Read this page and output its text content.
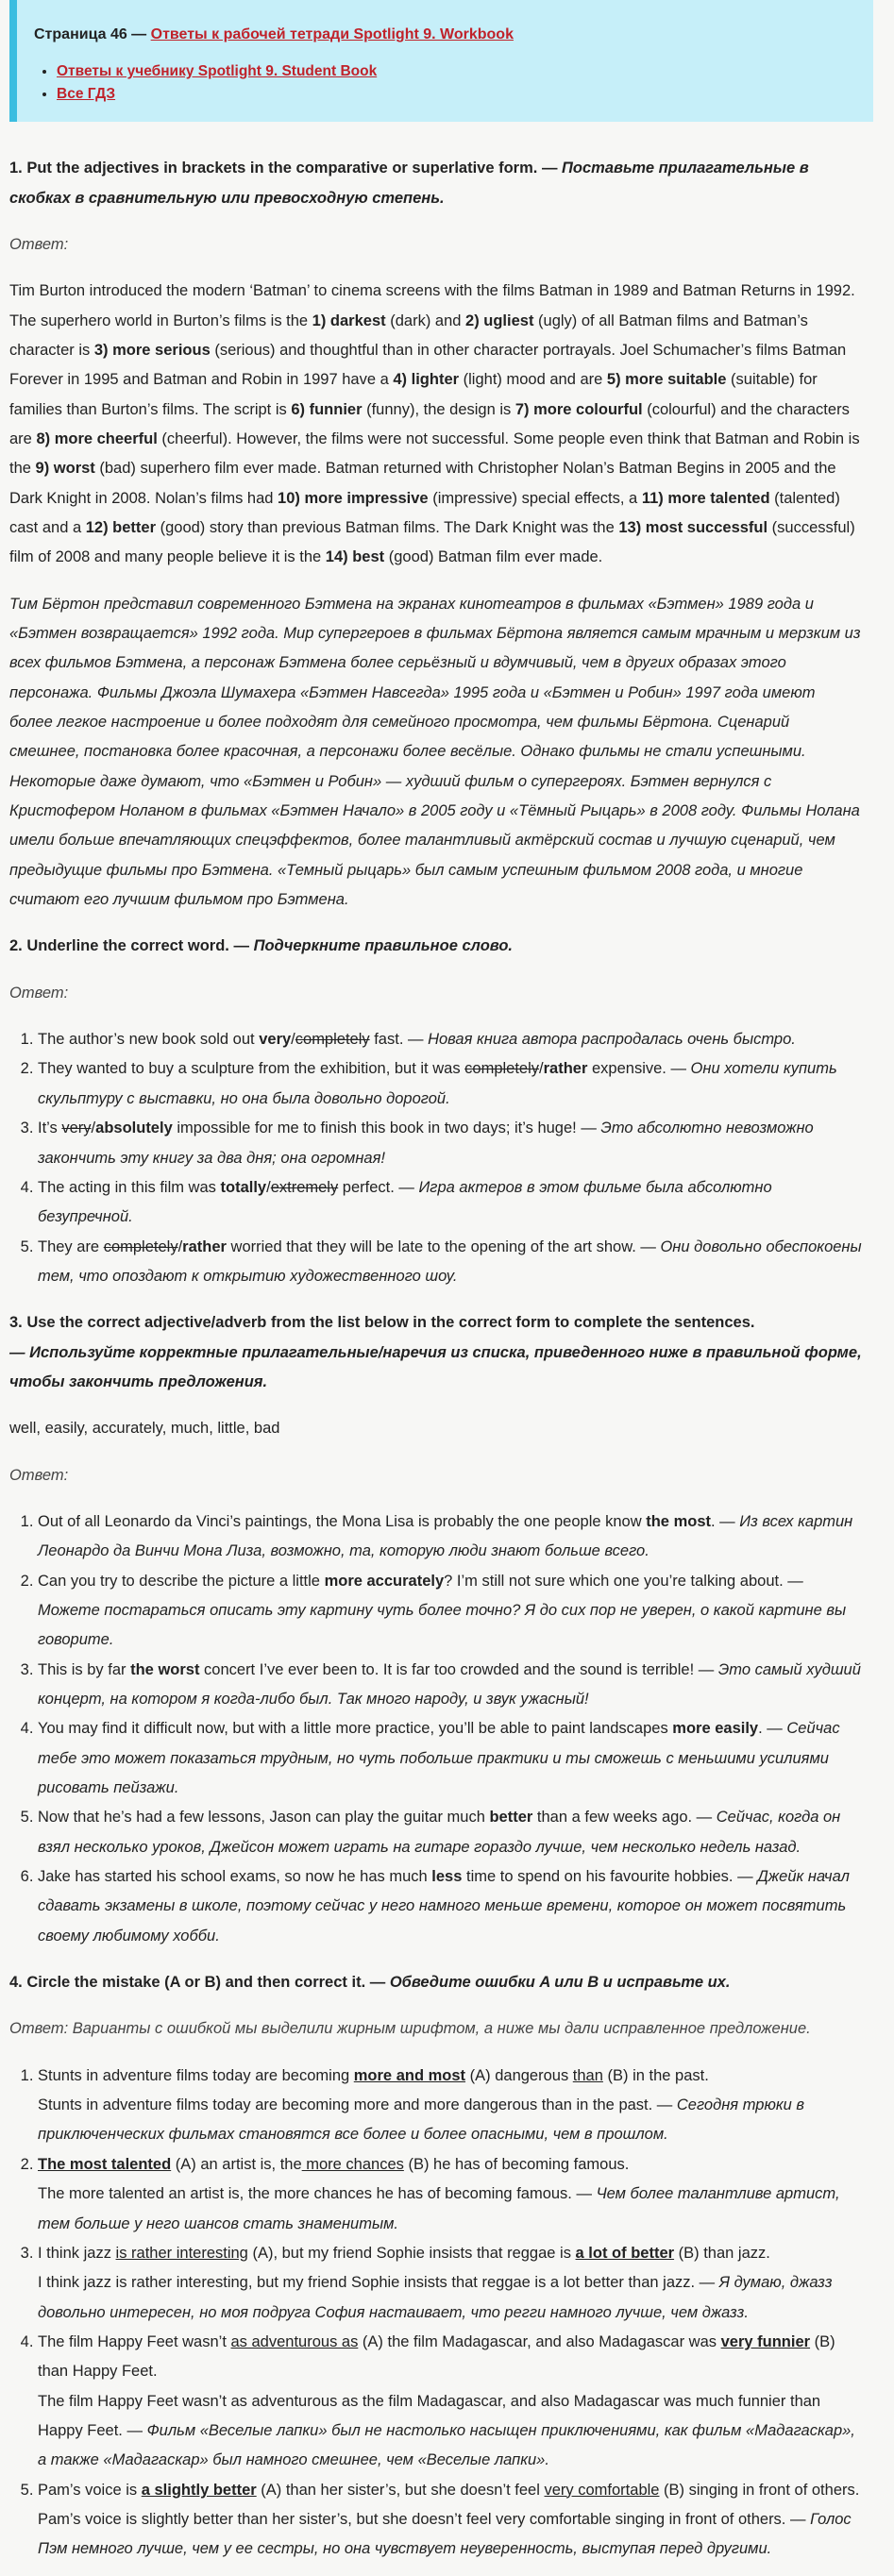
Страница 46 — Ответы к рабочей тетради Spotlight 9. Workbook
• Ответы к учебнику Spotlight 9. Student Book
• Все ГДЗ
1. Put the adjectives in brackets in the comparative or superlative form. — Поставьте прилагательные в скобках в сравнительную или превосходную степень.
Ответ:

Tim Burton introduced the modern ‘Batman’ to cinema screens with the films Batman in 1989 and Batman Returns in 1992. The superhero world in Burton’s films is the 1) darkest (dark) and 2) ugliest (ugly) of all Batman films and Batman’s character is 3) more serious (serious) and thoughtful than in other character portrayals. Joel Schumacher’s films Batman Forever in 1995 and Batman and Robin in 1997 have a 4) lighter (light) mood and are 5) more suitable (suitable) for families than Burton’s films. The script is 6) funnier (funny), the design is 7) more colourful (colourful) and the characters are 8) more cheerful (cheerful). However, the films were not successful. Some people even think that Batman and Robin is the 9) worst (bad) superhero film ever made. Batman returned with Christopher Nolan’s Batman Begins in 2005 and the Dark Knight in 2008. Nolan’s films had 10) more impressive (impressive) special effects, a 11) more talented (talented) cast and a 12) better (good) story than previous Batman films. The Dark Knight was the 13) most successful (successful) film of 2008 and many people believe it is the 14) best (good) Batman film ever made.

Тим Бёртон представил современного Бэтмена на экранах кинотеатров в фильмах «Бэтмен» 1989 года и «Бэтмен возвращается» 1992 года. Мир супергероев в фильмах Бёртона является самым мрачным и мерзким из всех фильмов Бэтмена, а персонаж Бэтмена более серьёзный и вдумчивый, чем в других образах этого персонажа. Фильмы Джоэла Шумахера «Бэтмен Навсегда» 1995 года и «Бэтмен и Робин» 1997 года имеют более легкое настроение и более подходят для семейного просмотра, чем фильмы Бёртона. Сценарий смешнее, постановка более красочная, а персонажи более весёлые. Однако фильмы не стали успешными. Некоторые даже думают, что «Бэтмен и Робин» — худший фильм о супергероях. Бэтмен вернулся с Кристофером Ноланом в фильмах «Бэтмен Начало» в 2005 году и «Тёмный Рыцарь» в 2008 году. Фильмы Нолана имели больше впечатляющих спецэффектов, более талантливый актёрский состав и лучшую сценарий, чем предыдущие фильмы про Бэтмена. «Темный рыцарь» был самым успешным фильмом 2008 года, и многие считают его лучшим фильмом про Бэтмена.

2. Underline the correct word. — Подчеркните правильное слово.
Ответ:
1. The author’s new book sold out very/completely fast. — Новая книга автора распродалась очень быстро.
2. They wanted to buy a sculpture from the exhibition, but it was completely/rather expensive. — Они хотели купить скульптуру с выставки, но она была довольно дорогой.
3. It’s very/absolutely impossible for me to finish this book in two days; it’s huge! — Это абсолютно невозможно закончить эту книгу за два дня; она огромная!
4. The acting in this film was totally/extremely perfect. — Игра актеров в этом фильме была абсолютно безупречной.
5. They are completely/rather worried that they will be late to the opening of the art show. — Они довольно обеспокоены тем, что опоздают к открытию художественного шоу.
3. Use the correct adjective/adverb from the list below in the correct form to complete the sentences.
— Используйте корректные прилагательные/наречия из списка, приведенного ниже в правильной форме, чтобы закончить предложения.

well, easily, accurately, much, little, bad

Ответ:
1. Out of all Leonardo da Vinci’s paintings, the Mona Lisa is probably the one people know the most. — Из всех картин Леонардо да Винчи Мона Лиза, возможно, та, которую люди знают больше всего.
2. Can you try to describe the picture a little more accurately? I’m still not sure which one you’re talking about. — Можете постараться описать эту картину чуть более точно? Я до сих пор не уверен, о какой картине вы говорите.
3. This is by far the worst concert I’ve ever been to. It is far too crowded and the sound is terrible! — Это самый худший концерт, на котором я когда-либо был. Так много народу, и звук ужасный!
4. You may find it difficult now, but with a little more practice, you’ll be able to paint landscapes more easily. — Сейчас тебе это может показаться трудным, но чуть побольше практики и ты сможешь с меньшими усилиями рисовать пейзажи.
5. Now that he’s had a few lessons, Jason can play the guitar much better than a few weeks ago. — Сейчас, когда он взял несколько уроков, Джейсон может играть на гитаре гораздо лучше, чем несколько недель назад.
6. Jake has started his school exams, so now he has much less time to spend on his favourite hobbies. — Джейк начал сдавать экзамены в школе, поэтому сейчас у него намного меньше времени, которое он может посвятить своему любимому хобби.
4. Circle the mistake (A or B) and then correct it. — Обведите ошибки A или B и исправьте их.
Ответ: Варианты с ошибкой мы выделили жирным шрифтом, а ниже мы дали исправленное предложение.
1. Stunts in adventure films today are becoming more and most (A) dangerous than (B) in the past.
Stunts in adventure films today are becoming more and more dangerous than in the past. — Сегодня трюки в приключенческих фильмах становятся все более и более опасными, чем в прошлом.
2. The most talented (A) an artist is, the more chances (B) he has of becoming famous.
The more talented an artist is, the more chances he has of becoming famous. — Чем более талантливе артист, тем больше у него шансов стать знаменитым.
3. I think jazz is rather interesting (A), but my friend Sophie insists that reggae is a lot of better (B) than jazz.
I think jazz is rather interesting, but my friend Sophie insists that reggae is a lot better than jazz. — Я думаю, джазз довольно интересен, но моя подруга София настаивает, что регги намного лучше, чем джазз.
4. The film Happy Feet wasn’t as adventurous as (A) the film Madagascar, and also Madagascar was very funnier (B) than Happy Feet.
The film Happy Feet wasn’t as adventurous as the film Madagascar, and also Madagascar was much funnier than Happy Feet. — Фильм «Веселые лапки» был не настолько насыщен приключениями, как фильм «Мадагаскар», а также «Мадагаскар» был намного смешнее, чем «Веселые лапки».
5. Pam’s voice is a slightly better (A) than her sister’s, but she doesn’t feel very comfortable (B) singing in front of others.
Pam’s voice is slightly better than her sister’s, but she doesn’t feel very comfortable singing in front of others. — Голос Пэм немного лучше, чем у ее сестры, но она чувствует неуверенность, выступая перед другими.
